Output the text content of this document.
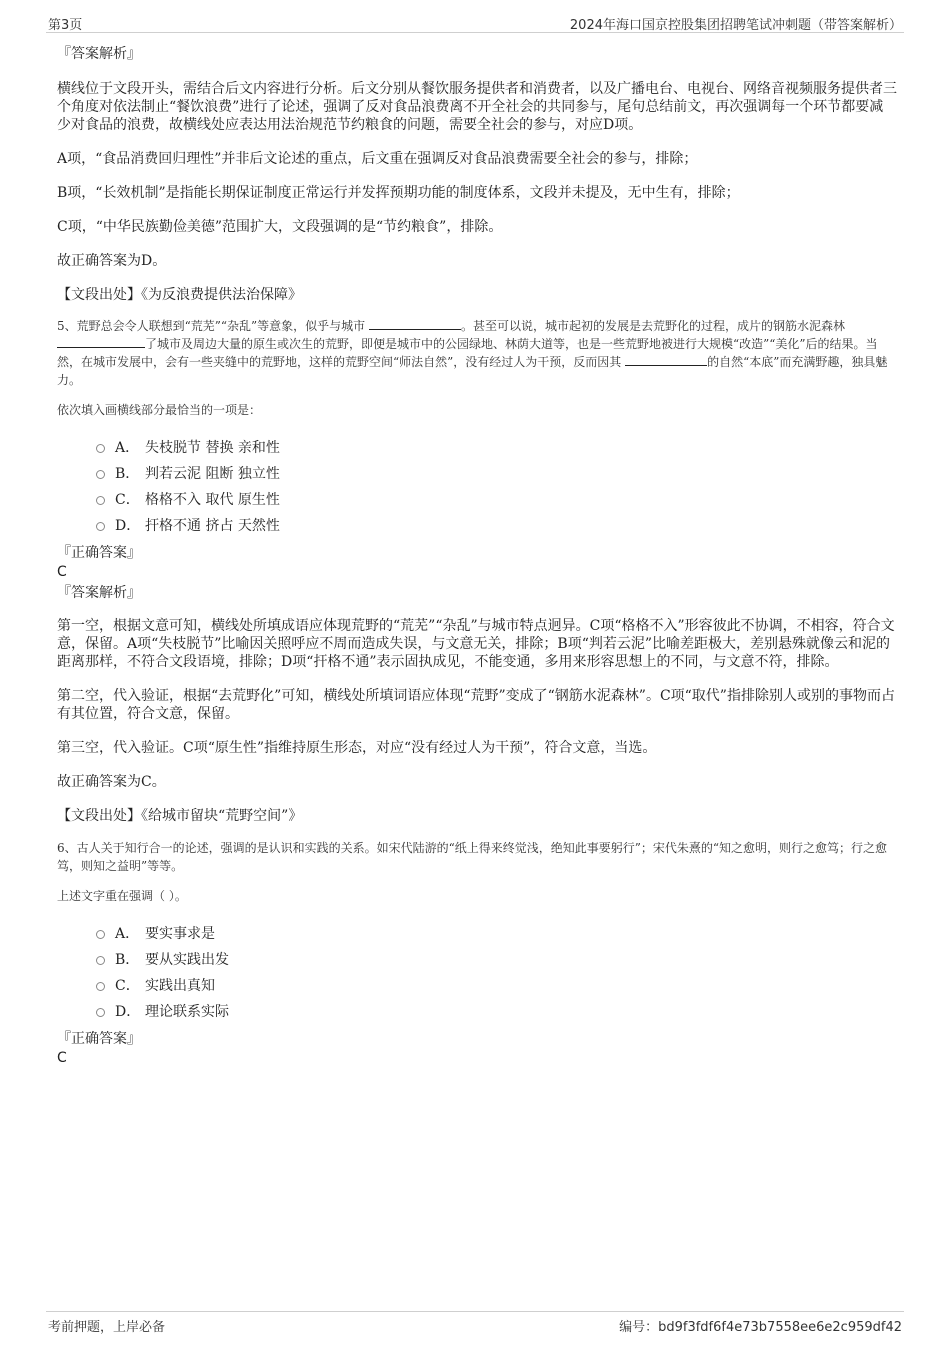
第3页	2024年海口国京控股集团招聘笔试冲刺题（带答案解析）
『答案解析』

横线位于文段开头，需结合后文内容进行分析。后文分别从餐饮服务提供者和消费者，以及广播电台、电视台、网络音视频服务提供者三个角度对依法制止“餐饮浪费”进行了论述，强调了反对食品浪费离不开全社会的共同参与，尾句总结前文，再次强调每一个环节都要减少对食品的浪费，故横线处应表达用法治规范节约粮食的问题，需要全社会的参与，对应D项。

A项，“食品消费回归理性”并非后文论述的重点，后文重在强调反对食品浪费需要全社会的参与，排除；

B项，“长效机制”是指能长期保证制度正常运行并发挥预期功能的制度体系，文段并未提及，无中生有，排除；

C项，“中华民族勤俭美德”范围扩大，文段强调的是“节约粮食”，排除。

故正确答案为D。

【文段出处】《为反浪费提供法治保障》

5、荒野总会令人联想到“荒芜”“杂乱”等意象，似乎与城市	。甚至可以说，城市起初的发展是去荒野化的过程，成片的钢筋水泥森林 了城市及周边大量的原生或次生的荒野，即便是城市中的公园绿地、林荫大道等，也是一些荒野地被进行大规模“改造”“美化”后的结果。当然，在城市发展中，会有一些夹缝中的荒野地，这样的荒野空间“师法自然”，没有经过人为干预，反而因其	的自然“本底”而充满野趣，独具魅力。

依次填入画横线部分最恰当的一项是：

A． 失枝脱节 替换 亲和性
B． 判若云泥 阻断 独立性
C． 格格不入 取代 原生性
D． 扞格不通 挤占 天然性
『正确答案』
C
『答案解析』

第一空，根据文意可知，横线处所填成语应体现荒野的“荒芜”“杂乱”与城市特点迥异。C项“格格不入”形容彼此不协调，不相容，符合文意，保留。A项“失枝脱节”比喻因关照呼应不周而造成失误，与文意无关，排除；B项“判若云泥”比喻差距极大，差别悬殊就像云和泥的距离那样，不符合文段语境，排除；D项“扞格不通”表示固执成见，不能变通，多用来形容思想上的不同，与文意不符，排除。

第二空，代入验证，根据“去荒野化”可知，横线处所填词语应体现“荒野”变成了“钢筋水泥森林”。C项“取代”指排除别人或别的事物而占有其位置，符合文意，保留。

第三空，代入验证。C项“原生性”指维持原生形态，对应“没有经过人为干预”，符合文意，当选。

故正确答案为C。

【文段出处】《给城市留块“荒野空间”》

6、古人关于知行合一的论述，强调的是认识和实践的关系。如宋代陆游的“纸上得来终觉浅，绝知此事要躬行”；宋代朱熹的“知之愈明，则行之愈笃；行之愈笃，则知之益明”等等。

上述文字重在强调（ ）。

A． 要实事求是
B． 要从实践出发
C． 实践出真知
D． 理论联系实际
『正确答案』
C
考前押题，上岸必备	编号：bd9f3fdf6f4e73b7558ee6e2c959df42
